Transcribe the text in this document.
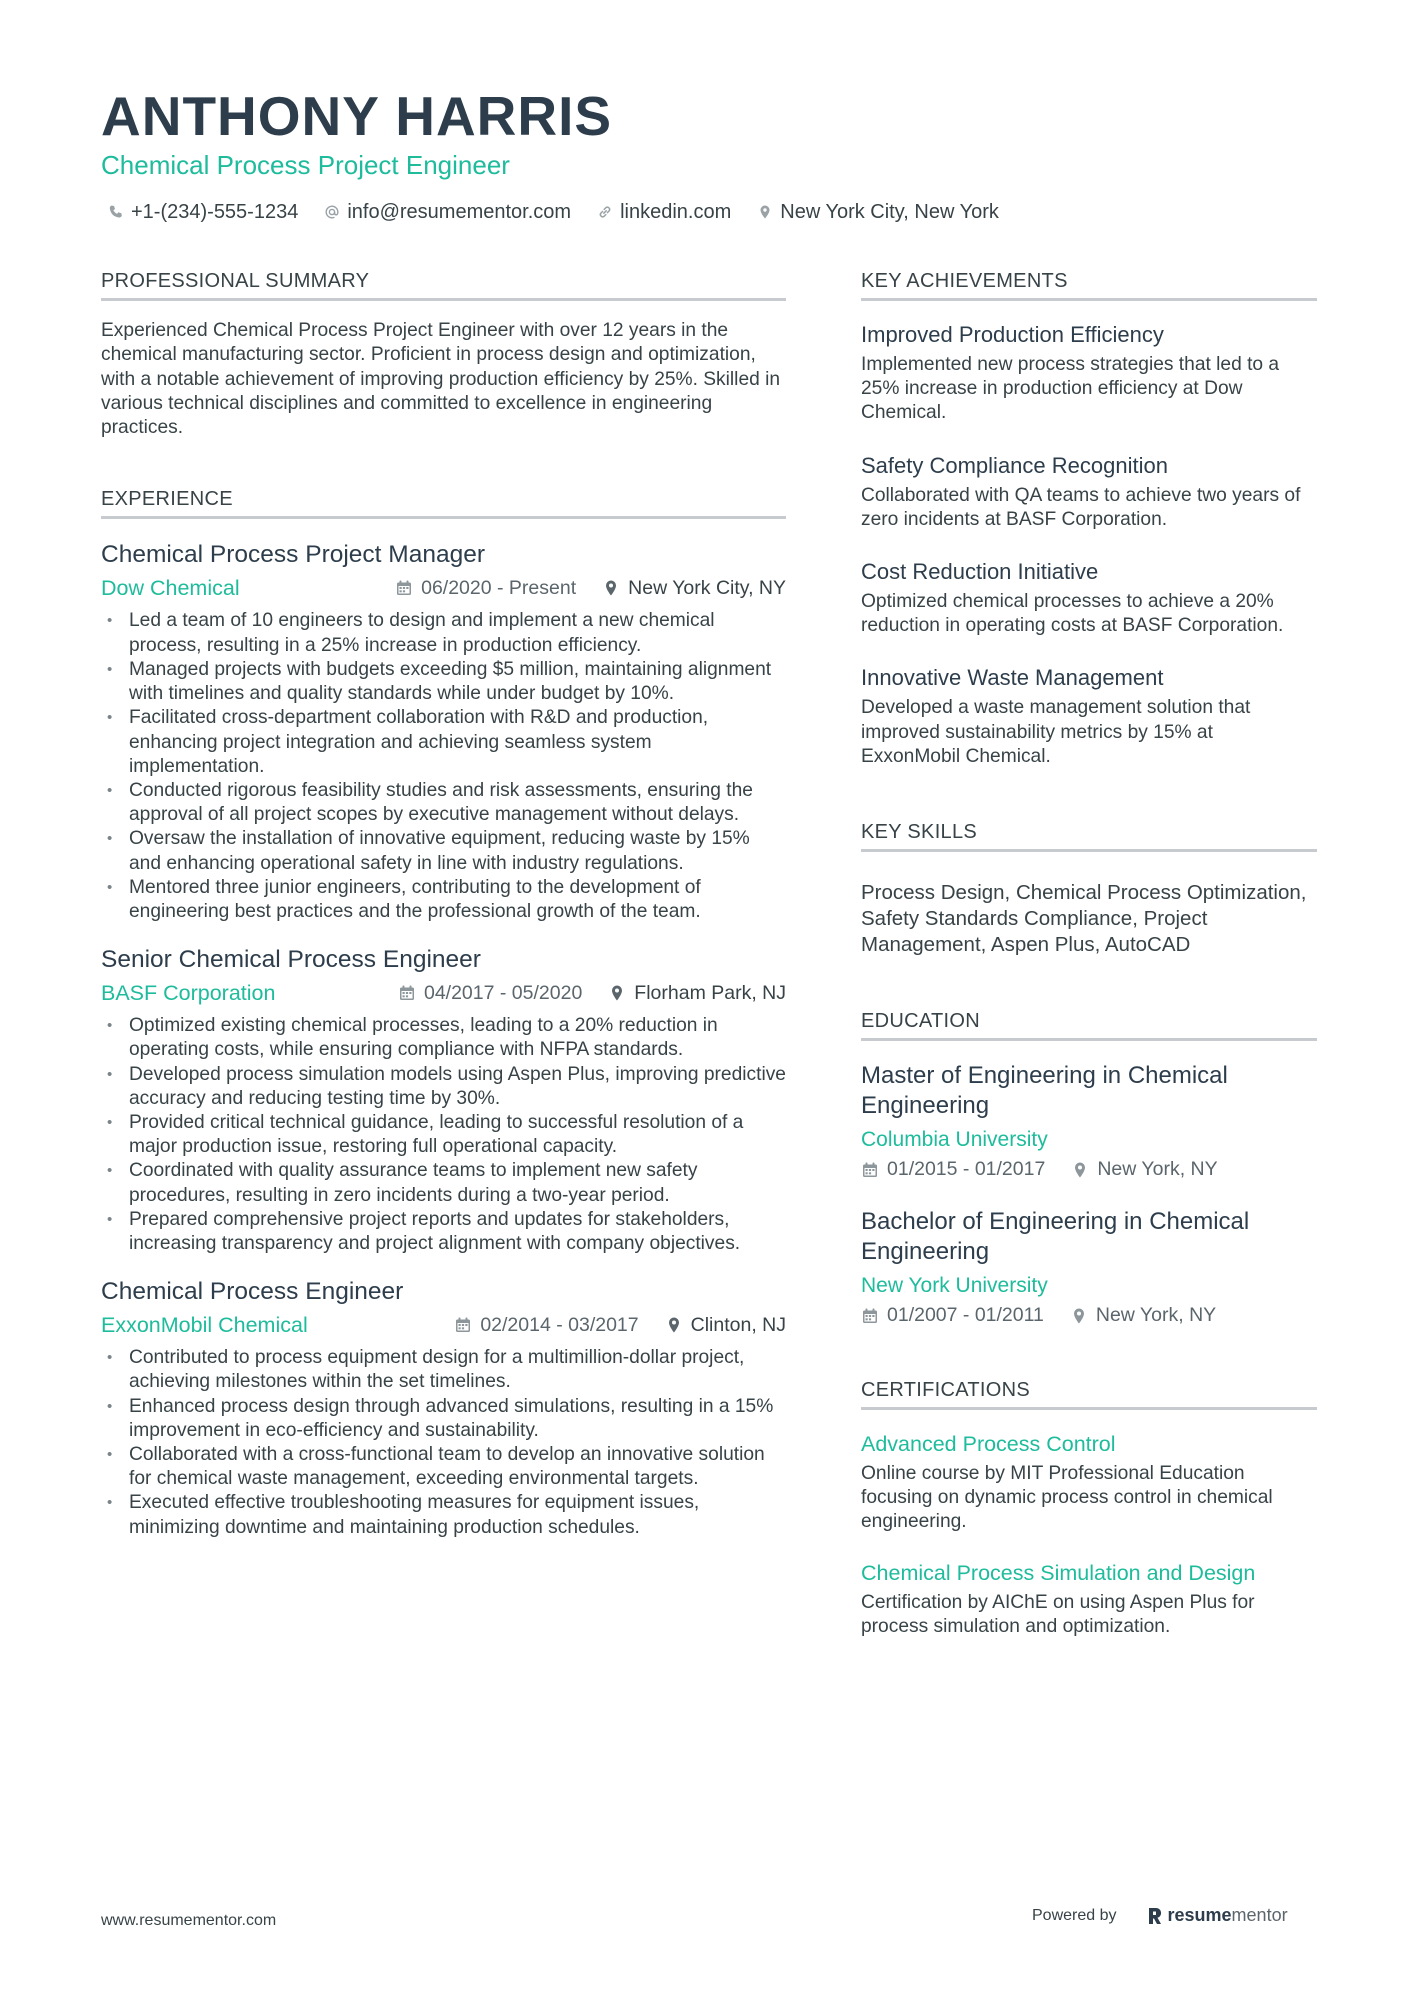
ANTHONY HARRIS
Chemical Process Project Engineer
+1-(234)-555-1234 info@resumementor.com linkedin.com New York City, New York
PROFESSIONAL SUMMARY

Experienced Chemical Process Project Engineer with over 12 years in the chemical manufacturing sector. Proficient in process design and optimization, with a notable achievement of improving production efficiency by 25%. Skilled in various technical disciplines and committed to excellence in engineering practices.

EXPERIENCE
Chemical Process Project Manager
Dow Chemical	06/2020 - Present	New York City, NY
• Led a team of 10 engineers to design and implement a new chemical process, resulting in a 25% increase in production efficiency.
• Managed projects with budgets exceeding $5 million, maintaining alignment with timelines and quality standards while under budget by 10%.
• Facilitated cross-department collaboration with R&D and production, enhancing project integration and achieving seamless system implementation.
• Conducted rigorous feasibility studies and risk assessments, ensuring the approval of all project scopes by executive management without delays.
• Oversaw the installation of innovative equipment, reducing waste by 15% and enhancing operational safety in line with industry regulations.
• Mentored three junior engineers, contributing to the development of engineering best practices and the professional growth of the team.
Senior Chemical Process Engineer
BASF Corporation	04/2017 - 05/2020	Florham Park, NJ
• Optimized existing chemical processes, leading to a 20% reduction in operating costs, while ensuring compliance with NFPA standards.
• Developed process simulation models using Aspen Plus, improving predictive accuracy and reducing testing time by 30%.
• Provided critical technical guidance, leading to successful resolution of a major production issue, restoring full operational capacity.
• Coordinated with quality assurance teams to implement new safety procedures, resulting in zero incidents during a two-year period.
• Prepared comprehensive project reports and updates for stakeholders, increasing transparency and project alignment with company objectives.
Chemical Process Engineer
ExxonMobil Chemical	02/2014 - 03/2017	Clinton, NJ
• Contributed to process equipment design for a multimillion-dollar project, achieving milestones within the set timelines.
• Enhanced process design through advanced simulations, resulting in a 15% improvement in eco-efficiency and sustainability.
• Collaborated with a cross-functional team to develop an innovative solution for chemical waste management, exceeding environmental targets.
• Executed effective troubleshooting measures for equipment issues, minimizing downtime and maintaining production schedules.
KEY ACHIEVEMENTS
Improved Production Efficiency
Implemented new process strategies that led to a 25% increase in production efficiency at Dow Chemical.
Safety Compliance Recognition
Collaborated with QA teams to achieve two years of zero incidents at BASF Corporation.
Cost Reduction Initiative
Optimized chemical processes to achieve a 20% reduction in operating costs at BASF Corporation.
Innovative Waste Management
Developed a waste management solution that improved sustainability metrics by 15% at ExxonMobil Chemical.
KEY SKILLS
Process Design, Chemical Process Optimization, Safety Standards Compliance, Project Management, Aspen Plus, AutoCAD
EDUCATION
Master of Engineering in Chemical Engineering
Columbia University
01/2015 - 01/2017	New York, NY
Bachelor of Engineering in Chemical Engineering
New York University
01/2007 - 01/2011	New York, NY
CERTIFICATIONS
Advanced Process Control
Online course by MIT Professional Education focusing on dynamic process control in chemical engineering.
Chemical Process Simulation and Design
Certification by AIChE on using Aspen Plus for process simulation and optimization.
www.resumementor.com	Powered by	resume mentor
